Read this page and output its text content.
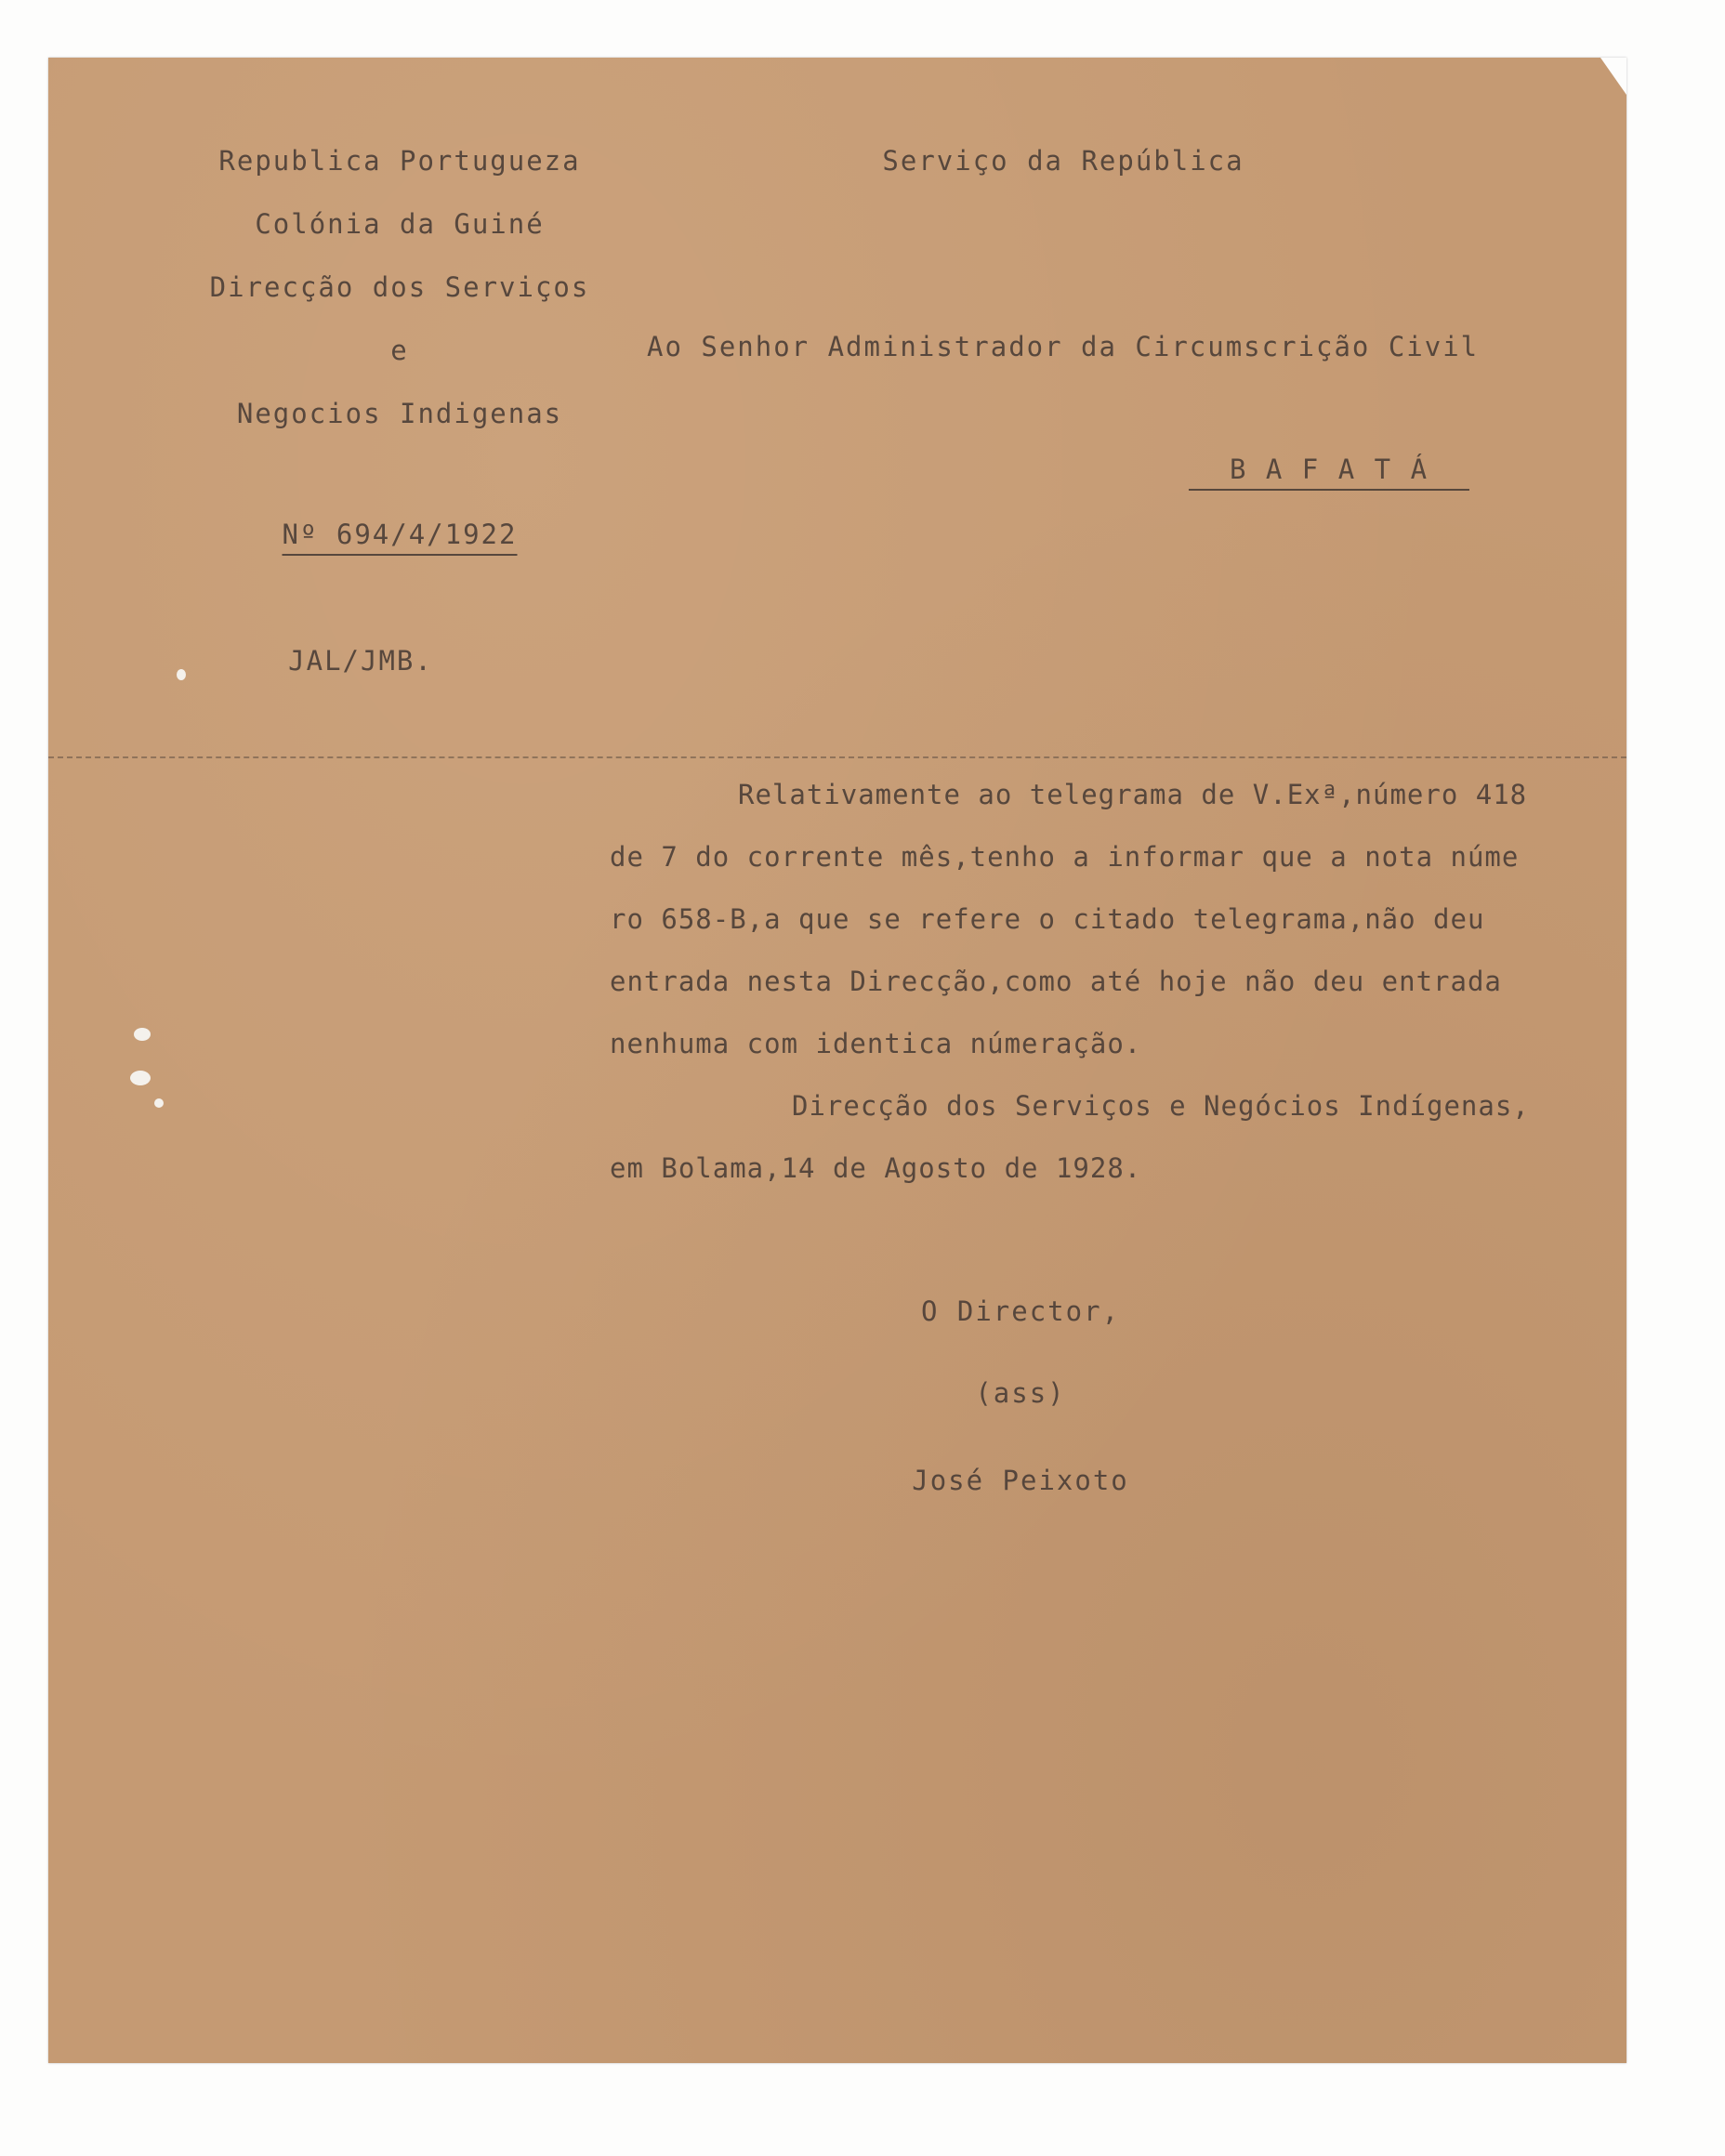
Republica Portugueza
Colónia da Guiné
Direcção dos Serviços
e
Negocios Indigenas
Nº 694/4/1922
JAL/JMB.
Serviço da República
Ao Senhor Administrador da Circumscrição Civil
B A F A T Á
Relativamente ao telegrama de V.Exª,número 418
de 7 do corrente mês,tenho a informar que a nota núme
ro 658-B,a que se refere o citado telegrama,não deu
entrada nesta Direcção,como até hoje não deu entrada
nenhuma com identica númeração.
Direcção dos Serviços e Negócios Indígenas,
em Bolama,14 de Agosto de 1928.
O Director,
(ass)
José Peixoto
